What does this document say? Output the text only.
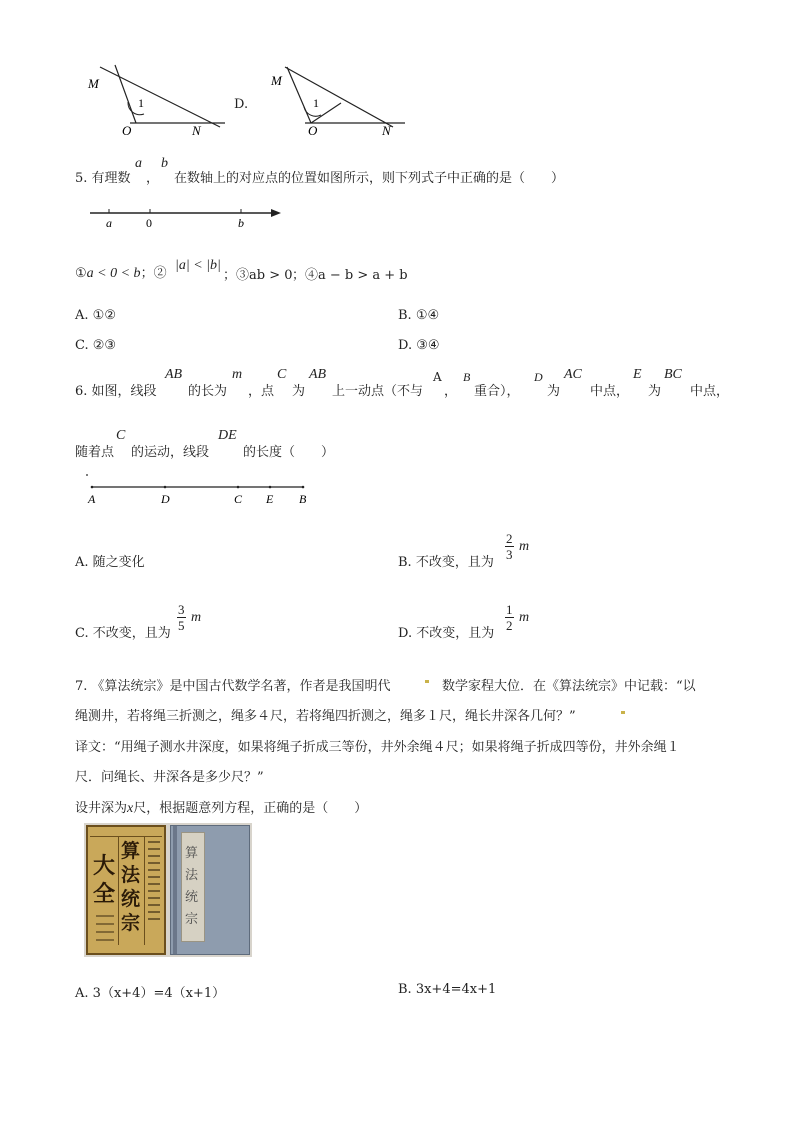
M
1
O	N
D.
M
1
O	N
5. 有理数
a
，
b
在数轴上的对应点的位置如图所示，则下列式子中正确的是（　　）
a	0	b
①a < 0 < b；②
|a| < |b|
；③ab > 0 ；④a − b > a + b
A. ①②	B. ①④
C. ②③	D. ③④
6. 如图，线段
AB
的长为
m
，点
C
为
AB
上一动点（不与
A
，
B
重合），
D
为
AC
中点，
E
为
BC
中点，
随着点
C
的运动，线段
DE
的长度（　　）
A	D	C E B
A. 随之变化	B. 不改变，且为
$\frac{2}{3}$ m
C. 不改变，且为
$\frac{3}{5}$ m
D. 不改变，且为
$\frac{1}{2}$ m
7. 《算法统宗》是中国古代数学名著，作者是我国明代	数学家程大位．在《算法统宗》中记载：“以
绳测井，若将绳三折测之，绳多４尺，若将绳四折测之，绳多１尺，绳长井深各几何？”
译文：“用绳子测水井深度，如果将绳子折成三等份，井外余绳４尺；如果将绳子折成四等份，井外余绳１
尺．问绳长、井深各是多少尺？”
设井深为x尺，根据题意列方程，正确的是（　　）
大
全
算法统宗
算法统宗
A. 3（x+4）=4（x+1）	B. 3x+4=4x+1
